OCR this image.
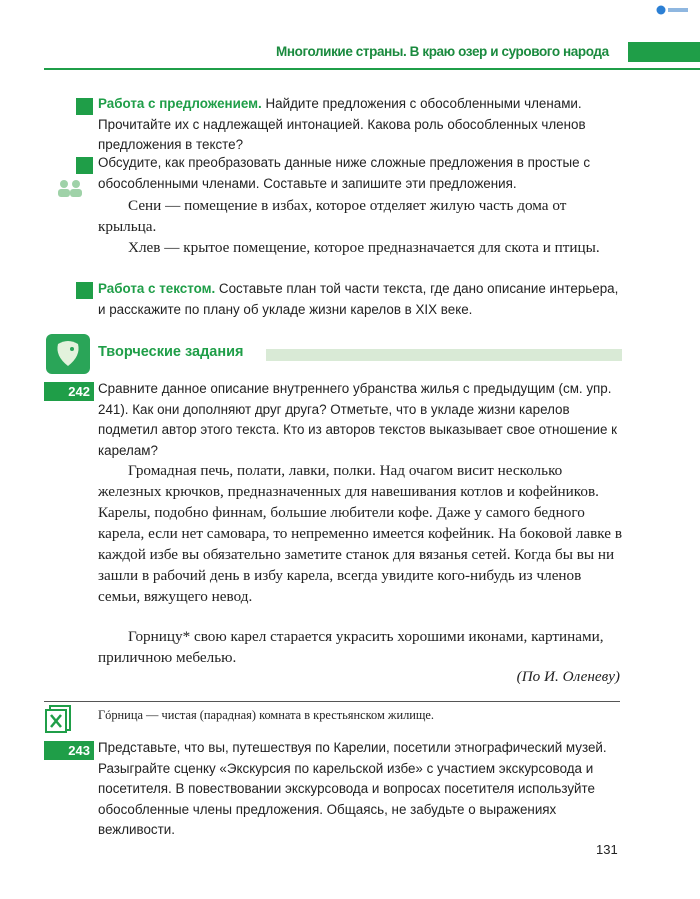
Многоликие страны. В краю озер и сурового народа

Работа с предложением. Найдите предложения с обособленными членами. Прочитайте их с надлежащей интонацией. Какова роль обособленных членов предложения в тексте?

Обсудите, как преобразовать данные ниже сложные предложения в простые с обособленными членами. Составьте и запишите эти предложения.

Сени — помещение в избах, которое отделяет жилую часть дома от крыльца.

Хлев — крытое помещение, которое предназначается для скота и птицы.

Работа с текстом. Составьте план той части текста, где дано описание интерьера, и расскажите по плану об укладе жизни карелов в XIX веке.

Творческие задания

242 Сравните данное описание внутреннего убранства жилья с предыдущим (см. упр. 241). Как они дополняют друг друга? Отметьте, что в укладе жизни карелов подметил автор этого текста. Кто из авторов текстов выказывает свое отношение к карелам?

Громадная печь, полати, лавки, полки. Над очагом висит несколько железных крючков, предназначенных для навешивания котлов и кофейников. Карелы, подобно финнам, большие любители кофе. Даже у самого бедного карела, если нет самовара, то непременно имеется кофейник. На боковой лавке в каждой избе вы обязательно заметите станок для вязанья сетей. Когда бы вы ни зашли в рабочий день в избу карела, всегда увидите кого-нибудь из членов семьи, вяжущего невод.

Горницу* свою карел старается украсить хорошими иконами, картинами, приличною мебелью.

(По И. Оленеву)

Гóрница — чистая (парадная) комната в крестьянском жилище.

243 Представьте, что вы, путешествуя по Карелии, посетили этнографический музей. Разыграйте сценку «Экскурсия по карельской избе» с участием экскурсовода и посетителя. В повествовании экскурсовода и вопросах посетителя используйте обособленные члены предложения. Общаясь, не забудьте о выражениях вежливости.

131
